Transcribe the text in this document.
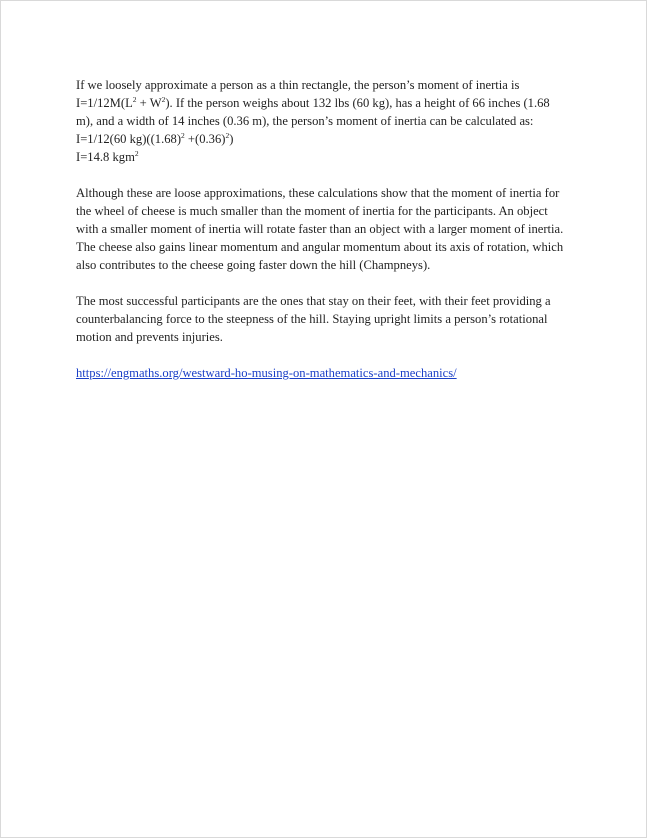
If we loosely approximate a person as a thin rectangle, the person’s moment of inertia is
$I=1/12M(L^2 + W^2)$. If the person weighs about 132 lbs (60 kg), has a height of 66 inches (1.68
m), and a width of 14 inches (0.36 m), the person’s moment of inertia can be calculated as:
I=1/12(60 $kg)((1.68)^2 +(0.36)^2)$
I=14.8 kgm$^2$

Although these are loose approximations, these calculations show that the moment of inertia for
the wheel of cheese is much smaller than the moment of inertia for the participants. An object
with a smaller moment of inertia will rotate faster than an object with a larger moment of inertia.
The cheese also gains linear momentum and angular momentum about its axis of rotation, which
also contributes to the cheese going faster down the hill (Champneys).

The most successful participants are the ones that stay on their feet, with their feet providing a
counterbalancing force to the steepness of the hill. Staying upright limits a person’s rotational
motion and prevents injuries.

https://engmaths.org/westward-ho-musing-on-mathematics-and-mechanics/
